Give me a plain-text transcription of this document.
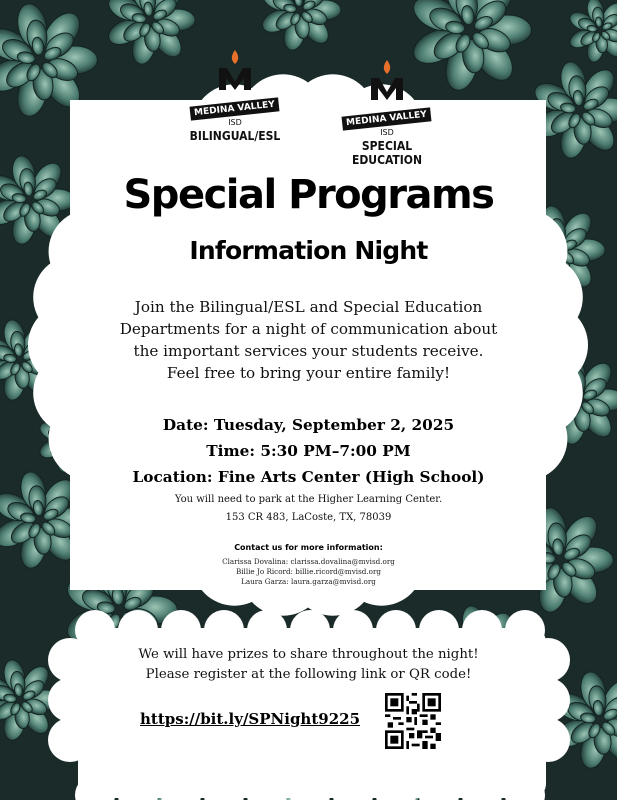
MEDINA VALLEY
ISD
BILINGUAL/ESL

MEDINA VALLEY
ISD
SPECIAL EDUCATION
Special Programs
Information Night
Join the Bilingual/ESL and Special Education
Departments for a night of communication about
the important services your students receive.
Feel free to bring your entire family!
Date: Tuesday, September 2, 2025
Time: 5:30 PM–7:00 PM
Location: Fine Arts Center (High School)
You will need to park at the Higher Learning Center.
153 CR 483, LaCoste, TX, 78039
Contact us for more information:
Clarissa Dovalina: clarissa.dovalina@mvisd.org
Billie Jo Ricord: billie.ricord@mvisd.org
Laura Garza: laura.garza@mvisd.org
We will have prizes to share throughout the night!
Please register at the following link or QR code!
https://bit.ly/SPNight9225
